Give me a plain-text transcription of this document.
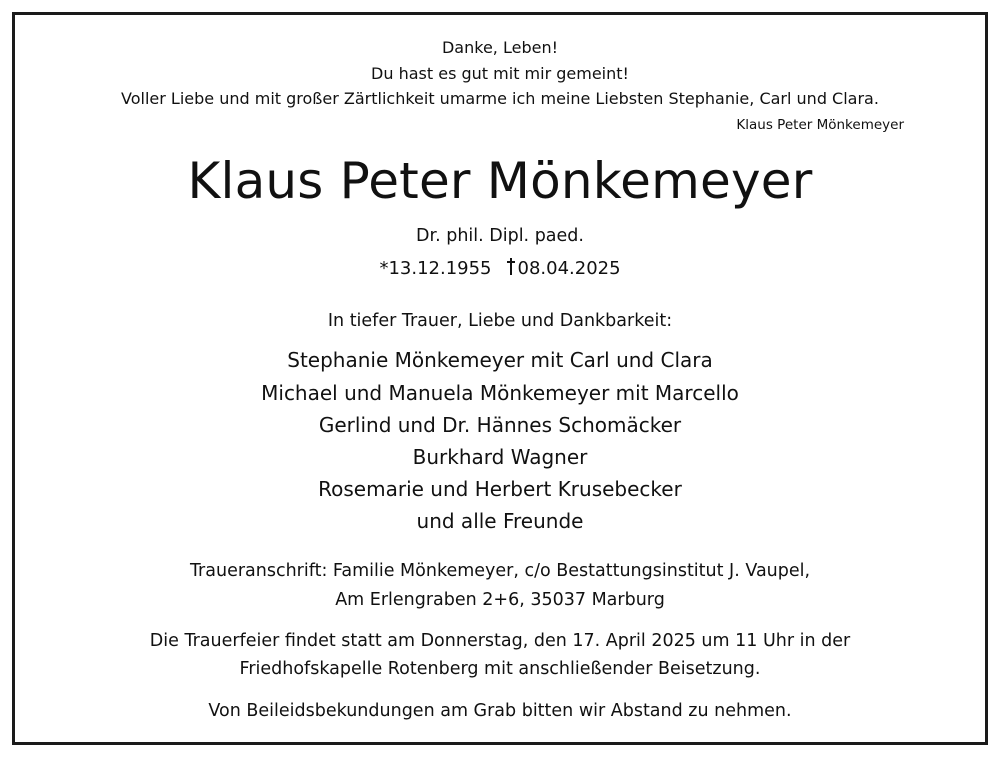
Danke, Leben!
Du hast es gut mit mir gemeint!
Voller Liebe und mit großer Zärtlichkeit umarme ich meine Liebsten Stephanie, Carl und Clara.
Klaus Peter Mönkemeyer
Klaus Peter Mönkemeyer
Dr. phil. Dipl. paed.
*13.12.1955 08.04.2025
In tiefer Trauer, Liebe und Dankbarkeit:
Stephanie Mönkemeyer mit Carl und Clara
Michael und Manuela Mönkemeyer mit Marcello
Gerlind und Dr. Hännes Schomäcker
Burkhard Wagner
Rosemarie und Herbert Krusebecker
und alle Freunde
Traueranschrift: Familie Mönkemeyer, c/o Bestattungsinstitut J. Vaupel,
Am Erlengraben 2+6, 35037 Marburg
Die Trauerfeier findet statt am Donnerstag, den 17. April 2025 um 11 Uhr in der
Friedhofskapelle Rotenberg mit anschließender Beisetzung.
Von Beileidsbekundungen am Grab bitten wir Abstand zu nehmen.
